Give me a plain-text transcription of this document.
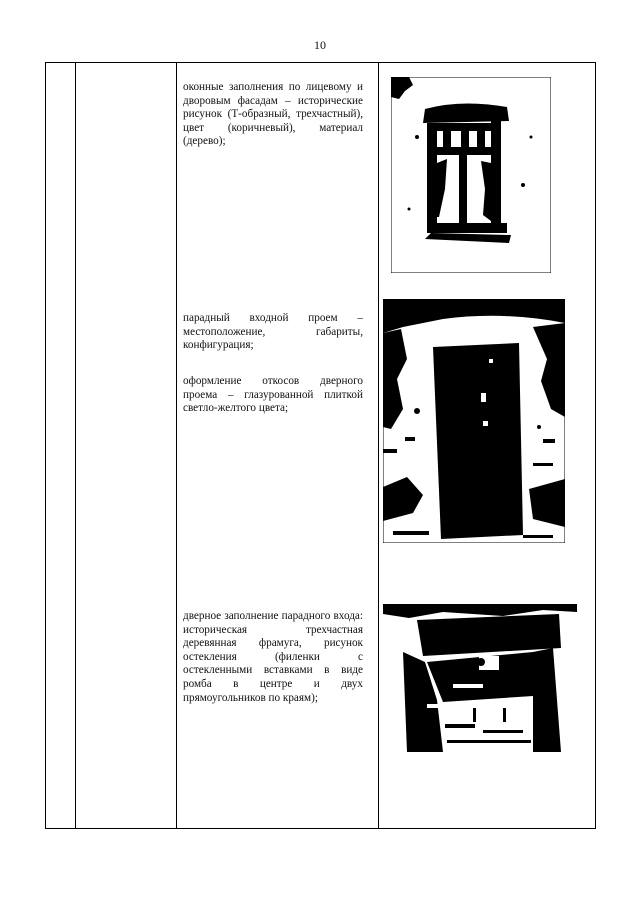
10

оконные заполнения по лицевому и дворовым фасадам – исторические рисунок (Т-образный, трехчастный), цвет (коричневый), материал (дерево);

парадный входной проем – местоположение, габариты, конфигурация;

оформление откосов дверного проема – глазурованной плиткой светло-желтого цвета;

дверное заполнение парадного входа: историческая трехчастная деревянная фрамуга, рисунок остекления (филенки с остекленными вставками в виде ромба в центре и двух прямоугольников по краям);
